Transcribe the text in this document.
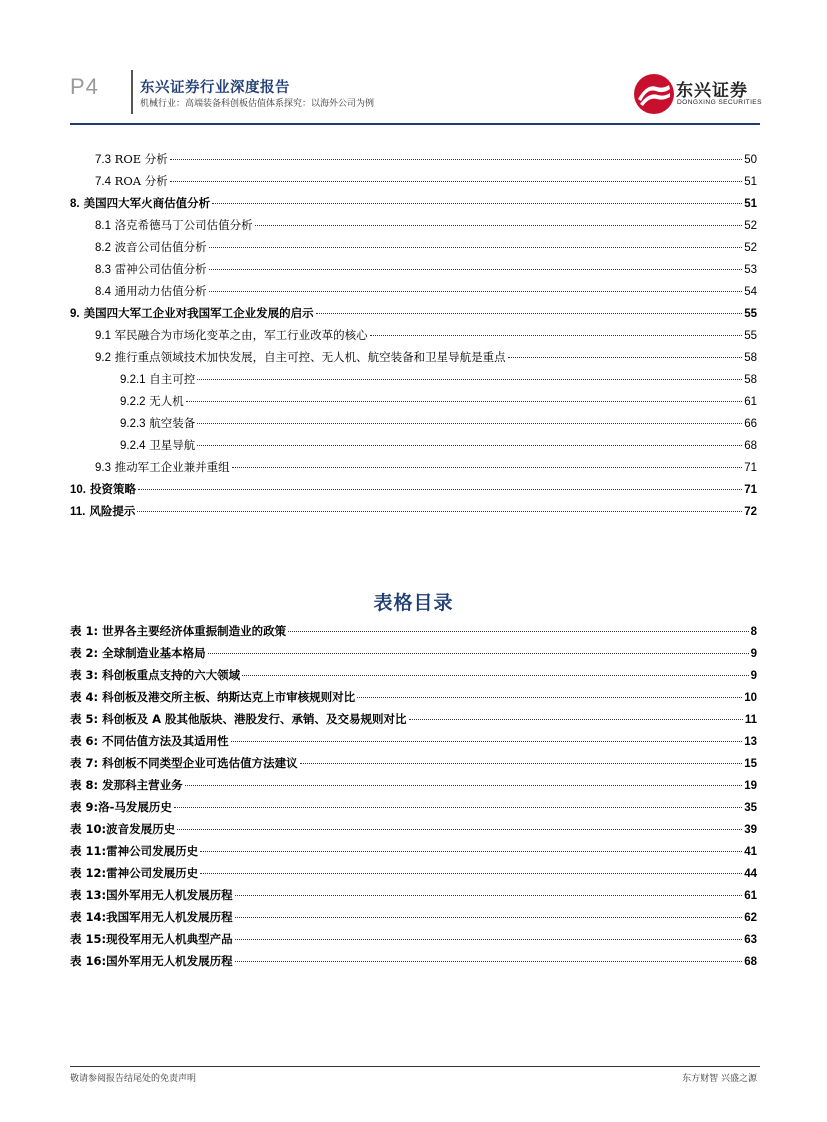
P4	东兴证券行业深度报告
机械行业：高端装备科创板估值体系探究：以海外公司为例
东兴证券
DONGXING SECURITIES
7.3 ROE 分析	50
7.4 ROA 分析	51
8. 美国四大军火商估值分析	51
8.1 洛克希德马丁公司估值分析	52
8.2 波音公司估值分析	52
8.3 雷神公司估值分析	53
8.4 通用动力估值分析	54
9. 美国四大军工企业对我国军工企业发展的启示	55
9.1 军民融合为市场化变革之由，军工行业改革的核心	55
9.2 推行重点领域技术加快发展，自主可控、无人机、航空装备和卫星导航是重点	58
9.2.1 自主可控	58
9.2.2 无人机	61
9.2.3 航空装备	66
9.2.4 卫星导航	68
9.3 推动军工企业兼并重组	71
10. 投资策略	71
11. 风险提示	72
表格目录
表 1: 世界各主要经济体重振制造业的政策	8
表 2: 全球制造业基本格局	9
表 3: 科创板重点支持的六大领域	9
表 4: 科创板及港交所主板、纳斯达克上市审核规则对比	10
表 5: 科创板及 A 股其他版块、港股发行、承销、及交易规则对比	11
表 6: 不同估值方法及其适用性	13
表 7: 科创板不同类型企业可选估值方法建议	15
表 8: 发那科主营业务	19
表 9:洛-马发展历史	35
表 10:波音发展历史	39
表 11:雷神公司发展历史	41
表 12:雷神公司发展历史	44
表 13:国外军用无人机发展历程	61
表 14:我国军用无人机发展历程	62
表 15:现役军用无人机典型产品	63
表 16:国外军用无人机发展历程	68
敬请参阅报告结尾处的免责声明	东方财智 兴盛之源
